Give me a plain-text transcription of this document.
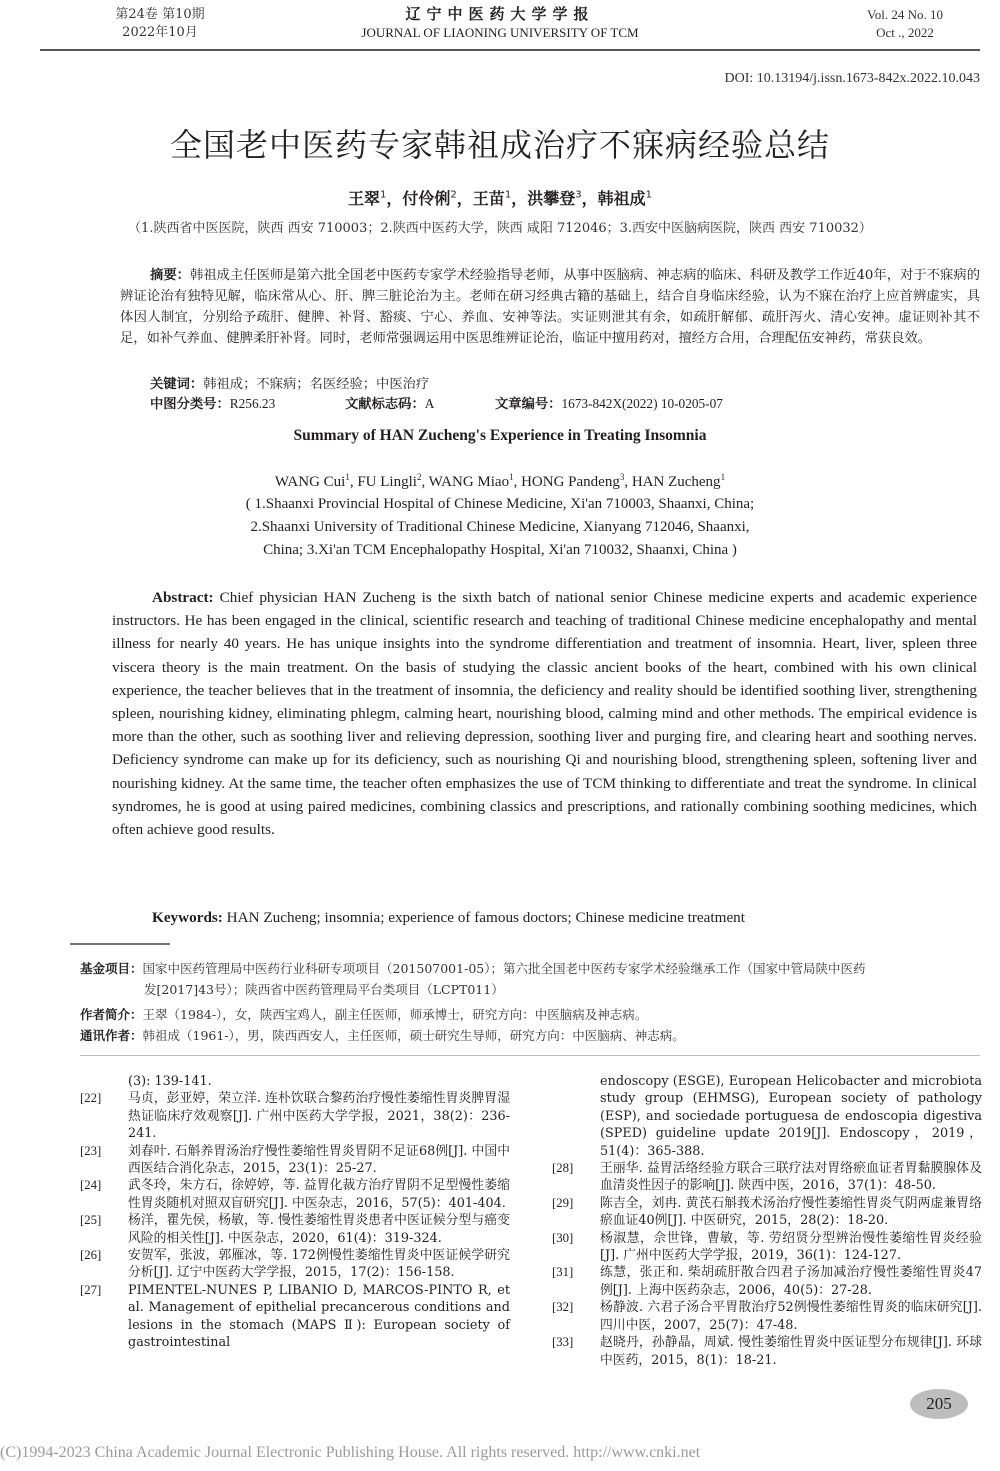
第24卷 第10期
2022年10月
辽宁中医药大学学报
JOURNAL OF LIAONING UNIVERSITY OF TCM
Vol. 24 No. 10
Oct ., 2022
DOI: 10.13194/j.issn.1673-842x.2022.10.043
全国老中医药专家韩祖成治疗不寐病经验总结
王翠$^1$，付伶俐$^2$，王苗$^1$，洪攀登$^3$，韩祖成$^1$
（1.陕西省中医医院，陕西 西安 710003；2.陕西中医药大学，陕西 咸阳 712046；3.西安中医脑病医院，陕西 西安 710032）

摘要：韩祖成主任医师是第六批全国老中医药专家学术经验指导老师，从事中医脑病、神志病的临床、科研及教学工作近40年，对于不寐病的辨证论治有独特见解，临床常从心、肝、脾三脏论治为主。老师在研习经典古籍的基础上，结合自身临床经验，认为不寐在治疗上应首辨虚实，具体因人制宜，分别给予疏肝、健脾、补肾、豁痰、宁心、养血、安神等法。实证则泄其有余，如疏肝解郁、疏肝泻火、清心安神。虚证则补其不足，如补气养血、健脾柔肝补肾。同时，老师常强调运用中医思维辨证论治，临证中擅用药对，擅经方合用，合理配伍安神药，常获良效。

关键词：韩祖成；不寐病；名医经验；中医治疗
中图分类号：R256.23	文献标志码：A	文章编号：1673-842X(2022) 10-0205-07
Summary of HAN Zucheng's Experience in Treating Insomnia
WANG Cui$^1$, FU Lingli$^2$, WANG Miao$^1$, HONG Pandeng$^3$, HAN Zucheng$^1$
( 1.Shaanxi Provincial Hospital of Chinese Medicine, Xi'an 710003, Shaanxi, China;
2.Shaanxi University of Traditional Chinese Medicine, Xianyang 712046, Shaanxi,
China; 3.Xi'an TCM Encephalopathy Hospital, Xi'an 710032, Shaanxi, China )

Abstract: Chief physician HAN Zucheng is the sixth batch of national senior Chinese medicine experts and academic experience instructors. He has been engaged in the clinical, scientific research and teaching of traditional Chinese medicine encephalopathy and mental illness for nearly 40 years. He has unique insights into the syndrome differentiation and treatment of insomnia. Heart, liver, spleen three viscera theory is the main treatment. On the basis of studying the classic ancient books of the heart, combined with his own clinical experience, the teacher believes that in the treatment of insomnia, the deficiency and reality should be identified soothing liver, strengthening spleen, nourishing kidney, eliminating phlegm, calming heart, nourishing blood, calming mind and other methods. The empirical evidence is more than the other, such as soothing liver and relieving depression, soothing liver and purging fire, and clearing heart and soothing nerves. Deficiency syndrome can make up for its deficiency, such as nourishing Qi and nourishing blood, strengthening spleen, softening liver and nourishing kidney. At the same time, the teacher often emphasizes the use of TCM thinking to differentiate and treat the syndrome. In clinical syndromes, he is good at using paired medicines, combining classics and prescriptions, and rationally combining soothing medicines, which often achieve good results.

Keywords: HAN Zucheng; insomnia; experience of famous doctors; Chinese medicine treatment
基金项目：国家中医药管理局中医药行业科研专项项目（201507001-05）；第六批全国老中医药专家学术经验继承工作（国家中管局陕中医药
发[2017]43号）；陕西省中医药管理局平台类项目（LCPT011）
作者简介：王翠（1984-），女，陕西宝鸡人，副主任医师，师承博士，研究方向：中医脑病及神志病。
通讯作者：韩祖成（1961-），男，陕西西安人，主任医师，硕士研究生导师，研究方向：中医脑病、神志病。
(3): 139-141.
[22]	马贞，彭亚婷，荣立洋. 连朴饮联合黎药治疗慢性萎缩性胃炎脾胃湿热证临床疗效观察[J]. 广州中医药大学学报，2021，38(2)：236-241.
[23]	刘春叶. 石斛养胃汤治疗慢性萎缩性胃炎胃阴不足证68例[J]. 中国中西医结合消化杂志，2015，23(1)：25-27.
[24]	武冬玲，朱方石，徐婷婷，等. 益胃化裁方治疗胃阴不足型慢性萎缩性胃炎随机对照双盲研究[J]. 中医杂志，2016，57(5)：401-404.
[25]	杨洋，瞿先侯，杨敏，等. 慢性萎缩性胃炎患者中医证候分型与癌变风险的相关性[J]. 中医杂志，2020，61(4)：319-324.
[26]	安贺军，张波，郭雁冰，等. 172例慢性萎缩性胃炎中医证候学研究分析[J]. 辽宁中医药大学学报，2015，17(2)：156-158.
[27]	PIMENTEL-NUNES P, LIBANIO D, MARCOS-PINTO R, et al. Management of epithelial precancerous conditions and lesions in the stomach (MAPS Ⅱ): European society of gastrointestinal
endoscopy (ESGE), European Helicobacter and microbiota study group (EHMSG), European society of pathology (ESP), and sociedade portuguesa de endoscopia digestiva (SPED) guideline update 2019[J]. Endoscopy，2019，51(4)：365-388.
[28]	王丽华. 益胃活络经验方联合三联疗法对胃络瘀血证者胃黏膜腺体及血清炎性因子的影响[J]. 陕西中医，2016，37(1)：48-50.
[29]	陈吉全，刘冉. 黄芪石斛莪术汤治疗慢性萎缩性胃炎气阴两虚兼胃络瘀血证40例[J]. 中医研究，2015，28(2)：18-20.
[30]	杨淑慧，佘世锋，曹敏，等. 劳绍贤分型辨治慢性萎缩性胃炎经验[J]. 广州中医药大学学报，2019，36(1)：124-127.
[31]	练慧，张正和. 柴胡疏肝散合四君子汤加减治疗慢性萎缩性胃炎47例[J]. 上海中医药杂志，2006，40(5)：27-28.
[32]	杨静波. 六君子汤合平胃散治疗52例慢性萎缩性胃炎的临床研究[J]. 四川中医，2007，25(7)：47-48.
[33]	赵晓丹，孙静晶，周斌. 慢性萎缩性胃炎中医证型分布规律[J]. 环球中医药，2015，8(1)：18-21.
205
(C)1994-2023 China Academic Journal Electronic Publishing House. All rights reserved. http://www.cnki.net
